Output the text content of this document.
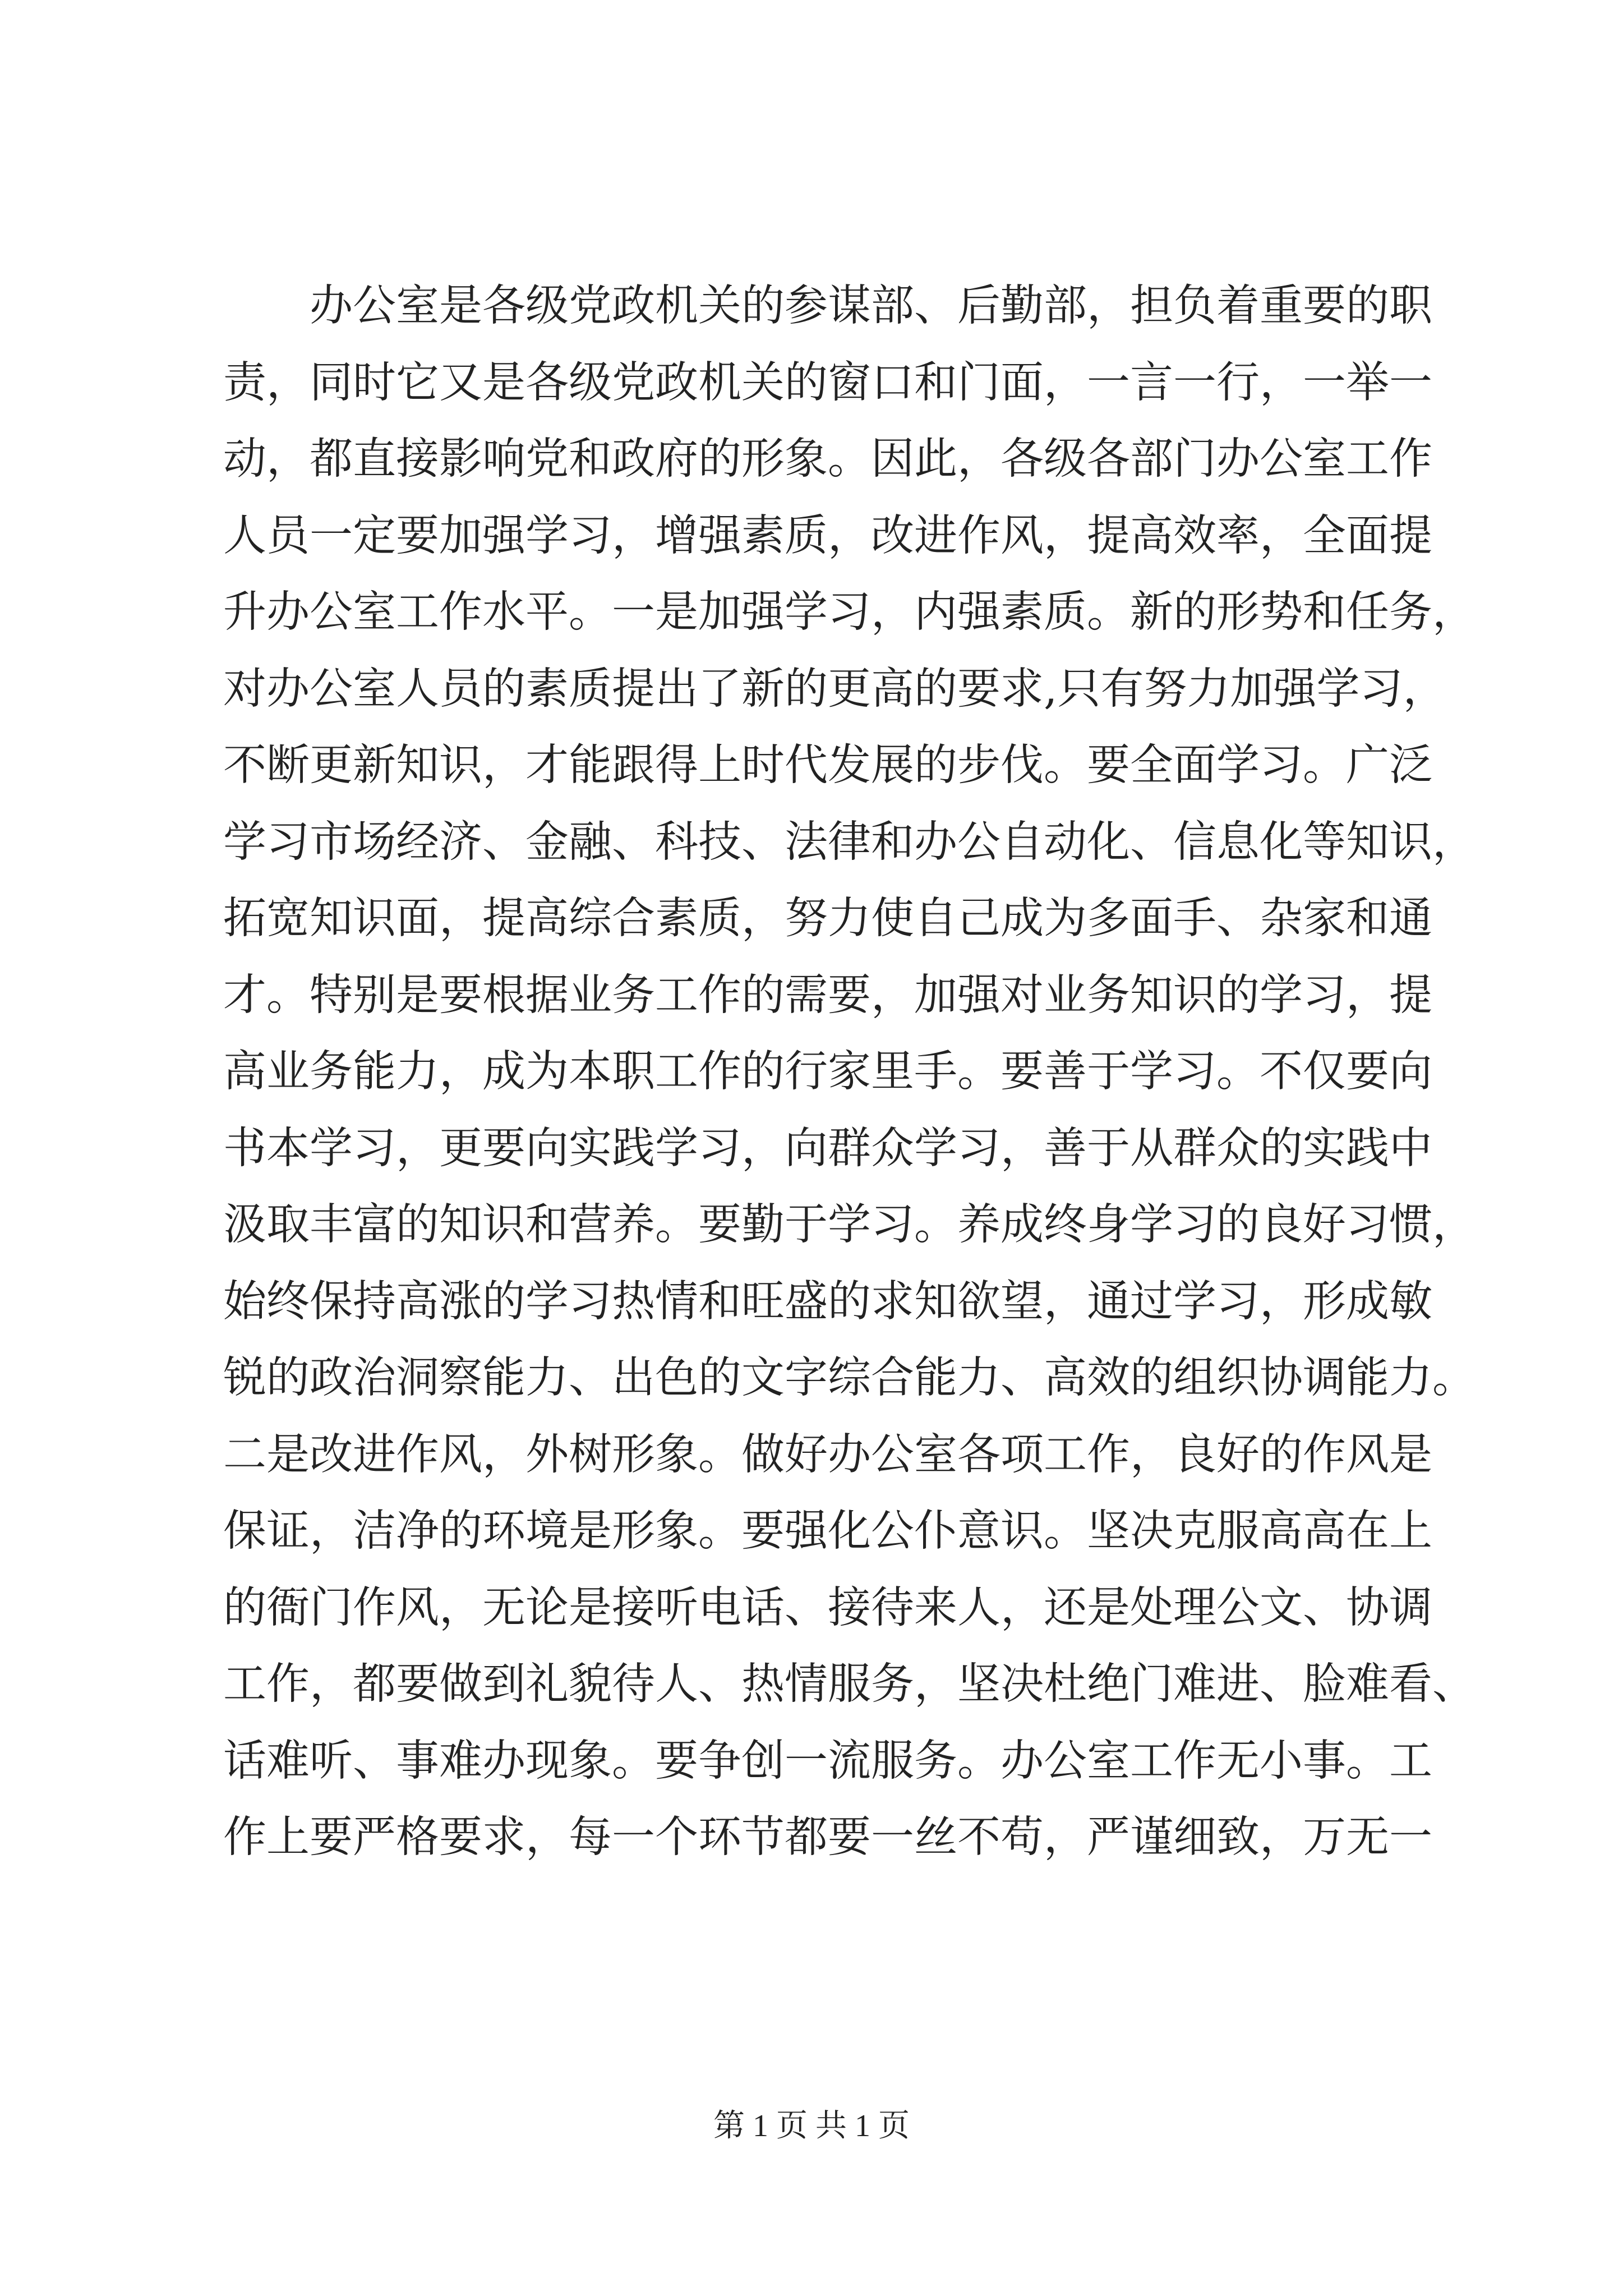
办公室是各级党政机关的参谋部、后勤部，担负着重要的职
责，同时它又是各级党政机关的窗口和门面，一言一行，一举一
动，都直接影响党和政府的形象。因此，各级各部门办公室工作
人员一定要加强学习，增强素质，改进作风，提高效率，全面提
升办公室工作水平。一是加强学习，内强素质。新的形势和任务，
对办公室人员的素质提出了新的更高的要求,只有努力加强学习，
不断更新知识，才能跟得上时代发展的步伐。要全面学习。广泛
学习市场经济、金融、科技、法律和办公自动化、信息化等知识，
拓宽知识面，提高综合素质，努力使自己成为多面手、杂家和通
才。特别是要根据业务工作的需要，加强对业务知识的学习，提
高业务能力，成为本职工作的行家里手。要善于学习。不仅要向
书本学习，更要向实践学习，向群众学习，善于从群众的实践中
汲取丰富的知识和营养。要勤于学习。养成终身学习的良好习惯，
始终保持高涨的学习热情和旺盛的求知欲望，通过学习，形成敏
锐的政治洞察能力、出色的文字综合能力、高效的组织协调能力。
二是改进作风，外树形象。做好办公室各项工作，良好的作风是
保证，洁净的环境是形象。要强化公仆意识。坚决克服高高在上
的衙门作风，无论是接听电话、接待来人，还是处理公文、协调
工作，都要做到礼貌待人、热情服务，坚决杜绝门难进、脸难看、
话难听、事难办现象。要争创一流服务。办公室工作无小事。工
作上要严格要求，每一个环节都要一丝不苟，严谨细致，万无一
第 1 页 共 1 页
